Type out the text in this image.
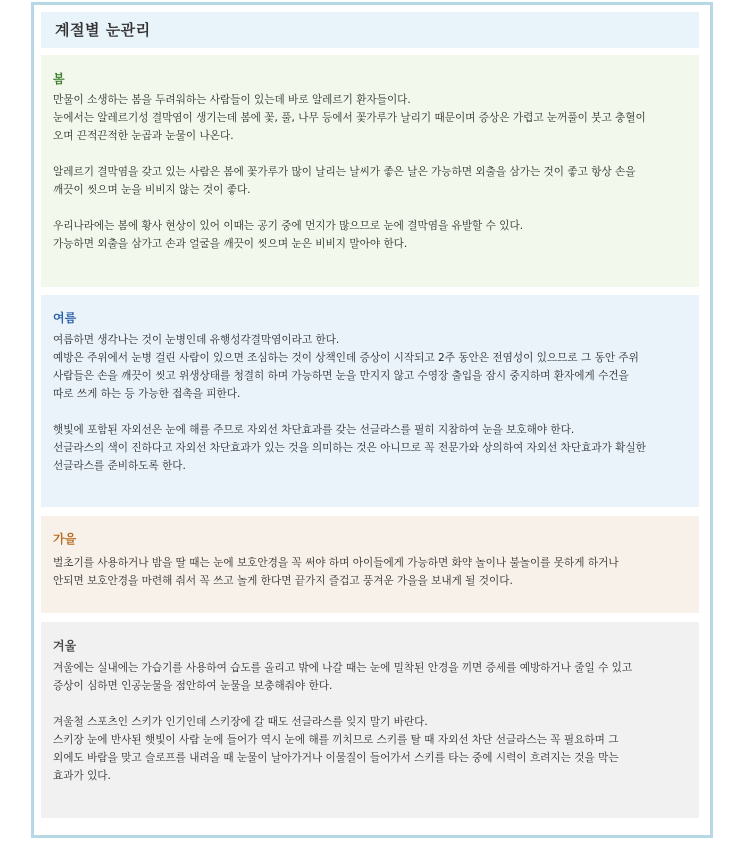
계절별 눈관리
봄

만물이 소생하는 봄을 두려워하는 사람들이 있는데 바로 알레르기 환자들이다.
눈에서는 알레르기성 결막염이 생기는데 봄에 꽃, 풀, 나무 등에서 꽃가루가 날리기 때문이며 증상은 가렵고 눈꺼풀이 붓고 충혈이
오며 끈적끈적한 눈곱과 눈물이 나온다.

알레르기 결막염을 갖고 있는 사람은 봄에 꽃가루가 많이 날리는 날씨가 좋은 날은 가능하면 외출을 삼가는 것이 좋고 항상 손을
깨끗이 씻으며 눈을 비비지 않는 것이 좋다.

우리나라에는 봄에 황사 현상이 있어 이때는 공기 중에 먼지가 많으므로 눈에 결막염을 유발할 수 있다.
가능하면 외출을 삼가고 손과 얼굴을 깨끗이 씻으며 눈은 비비지 말아야 한다.

여름

여름하면 생각나는 것이 눈병인데 유행성각결막염이라고 한다.
예방은 주위에서 눈병 걸린 사람이 있으면 조심하는 것이 상책인데 증상이 시작되고 2주 동안은 전염성이 있으므로 그 동안 주위
사람들은 손을 깨끗이 씻고 위생상태를 청결히 하며 가능하면 눈을 만지지 않고 수영장 출입을 잠시 중지하며 환자에게 수건을
따로 쓰게 하는 등 가능한 접촉을 피한다.

햇빛에 포함된 자외선은 눈에 해를 주므로 자외선 차단효과를 갖는 선글라스를 필히 지참하여 눈을 보호해야 한다.
선글라스의 색이 진하다고 자외선 차단효과가 있는 것을 의미하는 것은 아니므로 꼭 전문가와 상의하여 자외선 차단효과가 확실한
선글라스를 준비하도록 한다.

가을

벌초기를 사용하거나 밤을 딸 때는 눈에 보호안경을 꼭 써야 하며 아이들에게 가능하면 화약 놀이나 불놀이를 못하게 하거나
안되면 보호안경을 마련해 줘서 꼭 쓰고 놀게 한다면 끝가지 즐겁고 풍겨운 가을을 보내게 될 것이다.

겨울

겨울에는 실내에는 가습기를 사용하여 습도를 올리고 밖에 나갈 때는 눈에 밀착된 안경을 끼면 증세를 예방하거나 줄일 수 있고
증상이 심하면 인공눈물을 점안하여 눈물을 보충해줘야 한다.

겨울철 스포츠인 스키가 인기인데 스키장에 갈 때도 선글라스를 잊지 말기 바란다.
스키장 눈에 반사된 햇빛이 사람 눈에 들어가 역시 눈에 해를 끼치므로 스키를 탈 때 자외선 차단 선글라스는 꼭 필요하며 그
외에도 바람을 맞고 슬로프를 내려올 때 눈물이 날아가거나 이물질이 들어가서 스키를 타는 중에 시력이 흐려지는 것을 막는
효과가 있다.
